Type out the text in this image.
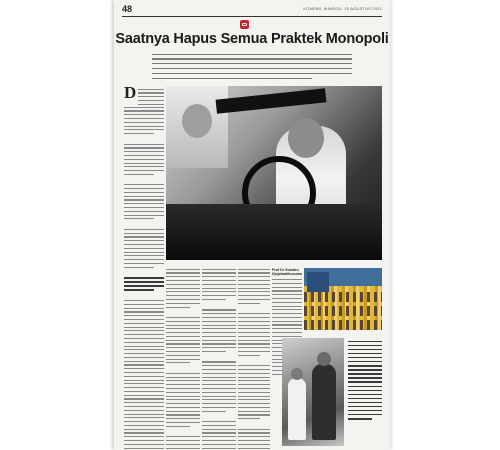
48	KOMPAS, MINGGU, 15 AGUSTUS 2021
Saatnya Hapus Semua Praktek Monopoli
D
Prof Dr Sumitro Djojohadikusumo
